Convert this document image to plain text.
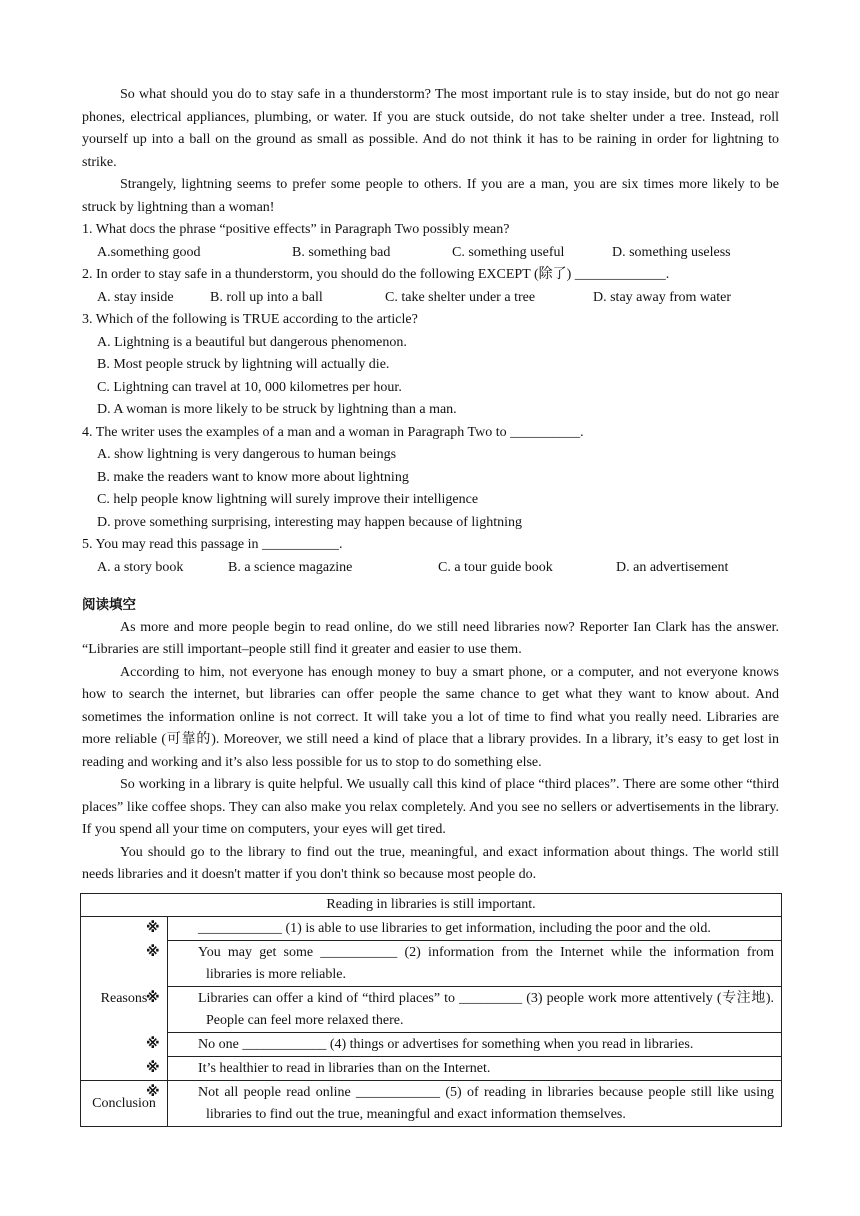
So what should you do to stay safe in a thunderstorm? The most important rule is to stay inside, but do not go near phones, electrical appliances, plumbing, or water. If you are stuck outside, do not take shelter under a tree. Instead, roll yourself up into a ball on the ground as small as possible. And do not think it has to be raining in order for lightning to strike.

Strangely, lightning seems to prefer some people to others. If you are a man, you are six times more likely to be struck by lightning than a woman!

1. What docs the phrase “positive effects” in Paragraph Two possibly mean?
A.something good	B. something bad	C. something useful	D. something useless
2. In order to stay safe in a thunderstorm, you should do the following EXCEPT (除了) _____________.
A. stay inside	B. roll up into a ball	C. take shelter under a tree	D. stay away from water
3. Which of the following is TRUE according to the article?
A. Lightning is a beautiful but dangerous phenomenon.
B. Most people struck by lightning will actually die.
C. Lightning can travel at 10, 000 kilometres per hour.
D. A woman is more likely to be struck by lightning than a man.
4. The writer uses the examples of a man and a woman in Paragraph Two to __________.
A. show lightning is very dangerous to human beings
B. make the readers want to know more about lightning
C. help people know lightning will surely improve their intelligence
D. prove something surprising, interesting may happen because of lightning
5. You may read this passage in ___________.
A. a story book	B. a science magazine	C. a tour guide book	D. an advertisement
阅读填空

As more and more people begin to read online, do we still need libraries now? Reporter Ian Clark has the answer. “Libraries are still important–people still find it greater and easier to use them.

According to him, not everyone has enough money to buy a smart phone, or a computer, and not everyone knows how to search the internet, but libraries can offer people the same chance to get what they want to know about. And sometimes the information online is not correct. It will take you a lot of time to find what you really need. Libraries are more reliable (可靠的). Moreover, we still need a kind of place that a library provides. In a library, it’s easy to get lost in reading and working and it’s also less possible for us to stop to do something else.

So working in a library is quite helpful. We usually call this kind of place “third places”. There are some other “third places” like coffee shops. They can also make you relax completely. And you see no sellers or advertisements in the library. If you spend all your time on computers, your eyes will get tired.

You should go to the library to find out the true, meaningful, and exact information about things. The world still needs libraries and it doesn't matter if you don't think so because most people do.

Reading in libraries is still important.	
Reasons	※ ____________ (1) is able to use libraries to get information, including the poor and the old.

	※ You may get some ___________ (2) information from the Internet while the information from libraries is more reliable.

	※ Libraries can offer a kind of “third places” to _________ (3) people work more attentively (专注地). People can feel more relaxed there.

	※ No one ____________ (4) things or advertises for something when you read in libraries.

	※ It’s healthier to read in libraries than on the Internet.

Conclusion	※ Not all people read online ____________ (5) of reading in libraries because people still like using libraries to find out the true, meaningful and exact information themselves.
